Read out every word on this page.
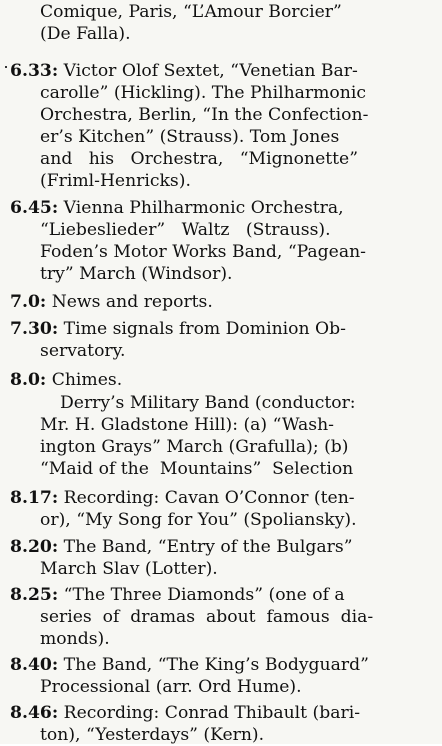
Comique, Paris, “L’Amour Borcier”
(De Falla).
6.33: Victor Olof Sextet, “Venetian Bar-
carolle” (Hickling). The Philharmonic
Orchestra, Berlin, “In the Confection-
er’s Kitchen” (Strauss). Tom Jones
and   his   Orchestra,   “Mignonette”
(Friml-Henricks).
6.45: Vienna Philharmonic Orchestra,
“Liebeslieder”   Waltz   (Strauss).
Foden’s Motor Works Band, “Pagean-
try” March (Windsor).
7.0: News and reports.
7.30: Time signals from Dominion Ob-
servatory.
8.0: Chimes.
Derry’s Military Band (conductor:
Mr. H. Gladstone Hill): (a) “Wash-
ington Grays” March (Grafulla); (b)
“Maid of the  Mountains”  Selection
8.17: Recording: Cavan O’Connor (ten-
or), “My Song for You” (Spoliansky).
8.20: The Band, “Entry of the Bulgars”
March Slav (Lotter).
8.25: “The Three Diamonds” (one of a
series  of  dramas  about  famous  dia-
monds).
8.40: The Band, “The King’s Bodyguard”
Processional (arr. Ord Hume).
8.46: Recording: Conrad Thibault (bari-
ton), “Yesterdays” (Kern).
